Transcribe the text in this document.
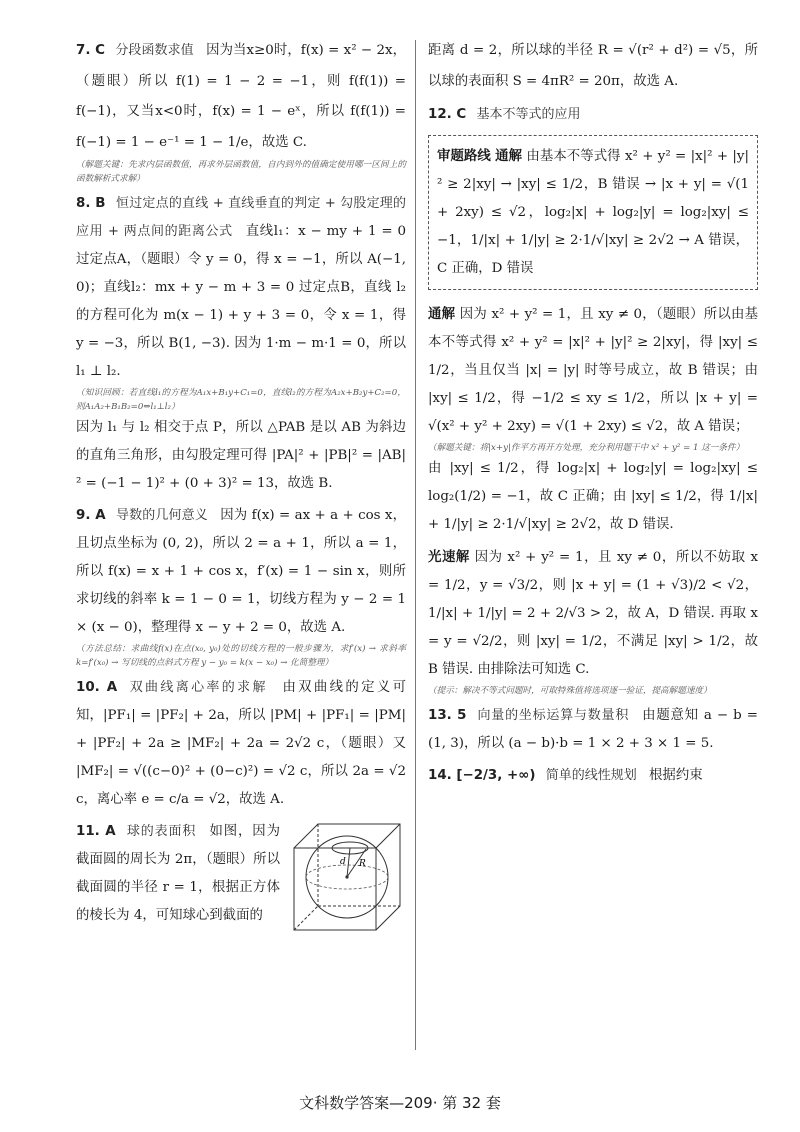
7. C 分段函数求值 因为当x≥0时，f(x) = x² − 2x，（题眼）所以 f(1) = 1 − 2 = −1，则 f(f(1)) = f(−1)，又当x<0时，f(x) = 1 − eˣ，所以 f(f(1)) = f(−1) = 1 − e⁻¹ = 1 − 1/e，故选 C.
（解题关键：先求内层函数值，再求外层函数值，自内到外的值确定使用哪一区间上的函数解析式求解）
8. B 恒过定点的直线 + 直线垂直的判定 + 勾股定理的应用 + 两点间的距离公式 直线l₁：x − my + 1 = 0 过定点A，（题眼）令 y = 0，得 x = −1，所以 A(−1, 0)；直线l₂：mx + y − m + 3 = 0 过定点B，直线 l₂ 的方程可化为 m(x − 1) + y + 3 = 0，令 x = 1，得 y = −3，所以 B(1, −3). 因为 1·m − m·1 = 0，所以 l₁ ⊥ l₂.
（知识回顾：若直线l₁的方程为A₁x+B₁y+C₁=0，直线l₂的方程为A₂x+B₂y+C₂=0，则A₁A₂+B₁B₂=0⇔l₁⊥l₂）
因为 l₁ 与 l₂ 相交于点 P，所以 △PAB 是以 AB 为斜边的直角三角形，由勾股定理可得 |PA|² + |PB|² = |AB|² = (−1 − 1)² + (0 + 3)² = 13，故选 B.
9. A 导数的几何意义 因为 f(x) = ax + a + cos x，且切点坐标为 (0, 2)，所以 2 = a + 1，所以 a = 1，所以 f(x) = x + 1 + cos x，f′(x) = 1 − sin x，则所求切线的斜率 k = 1 − 0 = 1，切线方程为 y − 2 = 1 × (x − 0)，整理得 x − y + 2 = 0，故选 A.
（方法总结：求曲线f(x)在点(x₀, y₀)处的切线方程的一般步骤为，求f′(x) → 求斜率k=f′(x₀) → 写切线的点斜式方程 y − y₀ = k(x − x₀) → 化简整理）
10. A 双曲线离心率的求解 由双曲线的定义可知，|PF₁| = |PF₂| + 2a，所以 |PM| + |PF₁| = |PM| + |PF₂| + 2a ≥ |MF₂| + 2a = 2√2 c，（题眼）又 |MF₂| = √((c−0)² + (0−c)²) = √2 c，所以 2a = √2 c，离心率 e = c/a = √2，故选 A.
d R
11. A 球的表面积 如图，因为截面圆的周长为 2π，（题眼）所以截面圆的半径 r = 1，根据正方体的棱长为 4，可知球心到截面的
距离 d = 2，所以球的半径 R = √(r² + d²) = √5，所以球的表面积 S = 4πR² = 20π，故选 A.
12. C 基本不等式的应用
审题路线 通解 由基本不等式得 x² + y² = |x|² + |y|² ≥ 2|xy| → |xy| ≤ 1/2，B 错误 → |x + y| = √(1 + 2xy) ≤ √2，log₂|x| + log₂|y| = log₂|xy| ≤ −1，1/|x| + 1/|y| ≥ 2·1/√|xy| ≥ 2√2 → A 错误，C 正确，D 错误
通解 因为 x² + y² = 1，且 xy ≠ 0，（题眼）所以由基本不等式得 x² + y² = |x|² + |y|² ≥ 2|xy|，得 |xy| ≤ 1/2，当且仅当 |x| = |y| 时等号成立，故 B 错误；由 |xy| ≤ 1/2，得 −1/2 ≤ xy ≤ 1/2，所以 |x + y| = √(x² + y² + 2xy) = √(1 + 2xy) ≤ √2，故 A 错误；
（解题关键：将|x+y|作平方再开方处理，充分利用题干中 x² + y² = 1 这一条件）
由 |xy| ≤ 1/2，得 log₂|x| + log₂|y| = log₂|xy| ≤ log₂(1/2) = −1，故 C 正确；由 |xy| ≤ 1/2，得 1/|x| + 1/|y| ≥ 2·1/√|xy| ≥ 2√2，故 D 错误.
光速解 因为 x² + y² = 1，且 xy ≠ 0，所以不妨取 x = 1/2，y = √3/2，则 |x + y| = (1 + √3)/2 < √2，1/|x| + 1/|y| = 2 + 2/√3 > 2，故 A，D 错误. 再取 x = y = √2/2，则 |xy| = 1/2，不满足 |xy| > 1/2，故 B 错误. 由排除法可知选 C.
（提示：解决不等式问题时，可取特殊值将选项逐一验证，提高解题速度）
13. 5 向量的坐标运算与数量积 由题意知 a − b = (1, 3)，所以 (a − b)·b = 1 × 2 + 3 × 1 = 5.
14. [−2/3, +∞) 简单的线性规划 根据约束
文科数学答案—209· 第 32 套
